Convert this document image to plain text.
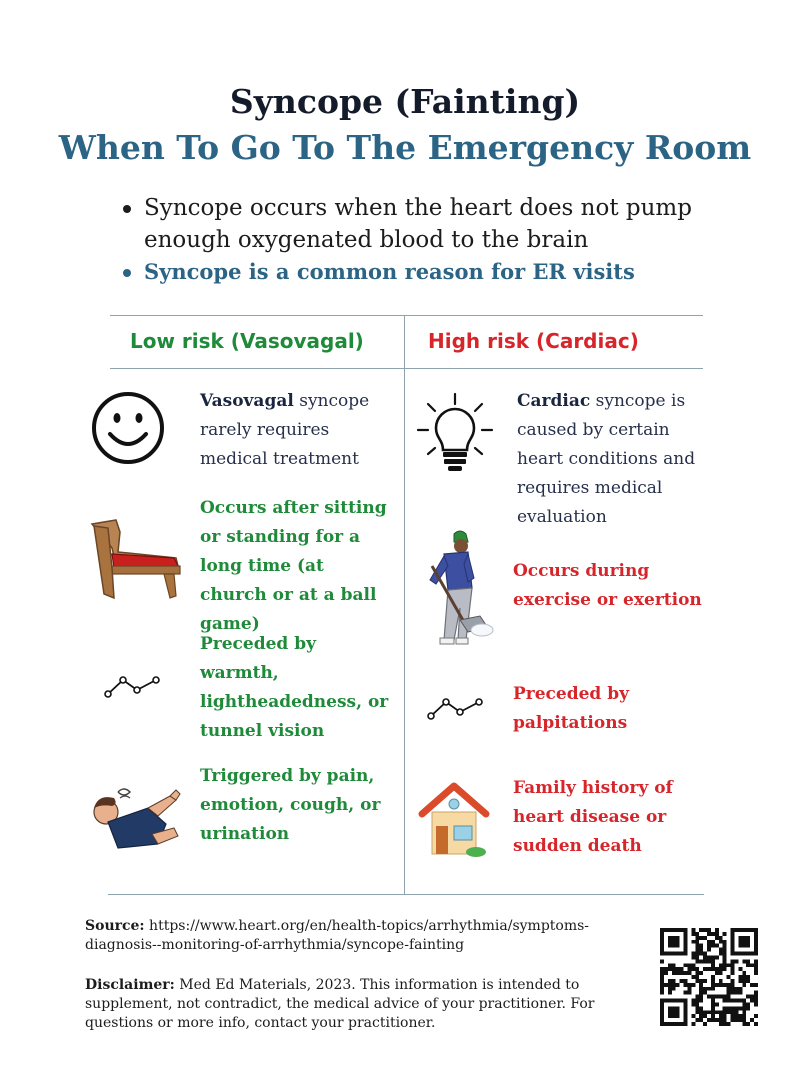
Syncope (Fainting)
When To Go To The Emergency Room
Syncope occurs when the heart does not pump enough oxygenated blood to the brain
Syncope is a common reason for ER visits
Low risk (Vasovagal)	High risk (Cardiac)
Vasovagal syncope rarely requires medical treatment
Occurs after sitting or standing for a long time (at church or at a ball game)
Preceded by warmth, lightheadedness, or tunnel vision
Triggered by pain, emotion, cough, or urination
Cardiac syncope is caused by certain heart conditions and requires medical evaluation
Occurs during exercise or exertion
Preceded by palpitations
Family history of heart disease or sudden death
Source: https://www.heart.org/en/health-topics/arrhythmia/symptoms-diagnosis--monitoring-of-arrhythmia/syncope-fainting
Disclaimer: Med Ed Materials, 2023. This information is intended to supplement, not contradict, the medical advice of your practitioner. For questions or more info, contact your practitioner.
